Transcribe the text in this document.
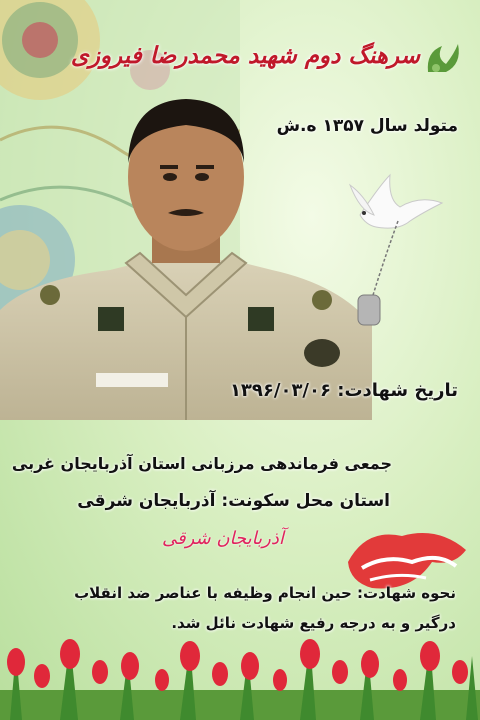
سرهنگ دوم شهید محمدرضا فیروزی
متولد سال ۱۳۵۷ ه.ش
تاریخ شهادت: ۱۳۹۶/۰۳/۰۶
جمعی فرماندهی مرزبانی استان آذربایجان غربی
استان محل سکونت: آذربایجان شرقی
آذربایجان شرقی
نحوه شهادت: حین انجام وظیفه با عناصر ضد انقلاب
درگیر و به درجه رفیع شهادت نائل شد.
